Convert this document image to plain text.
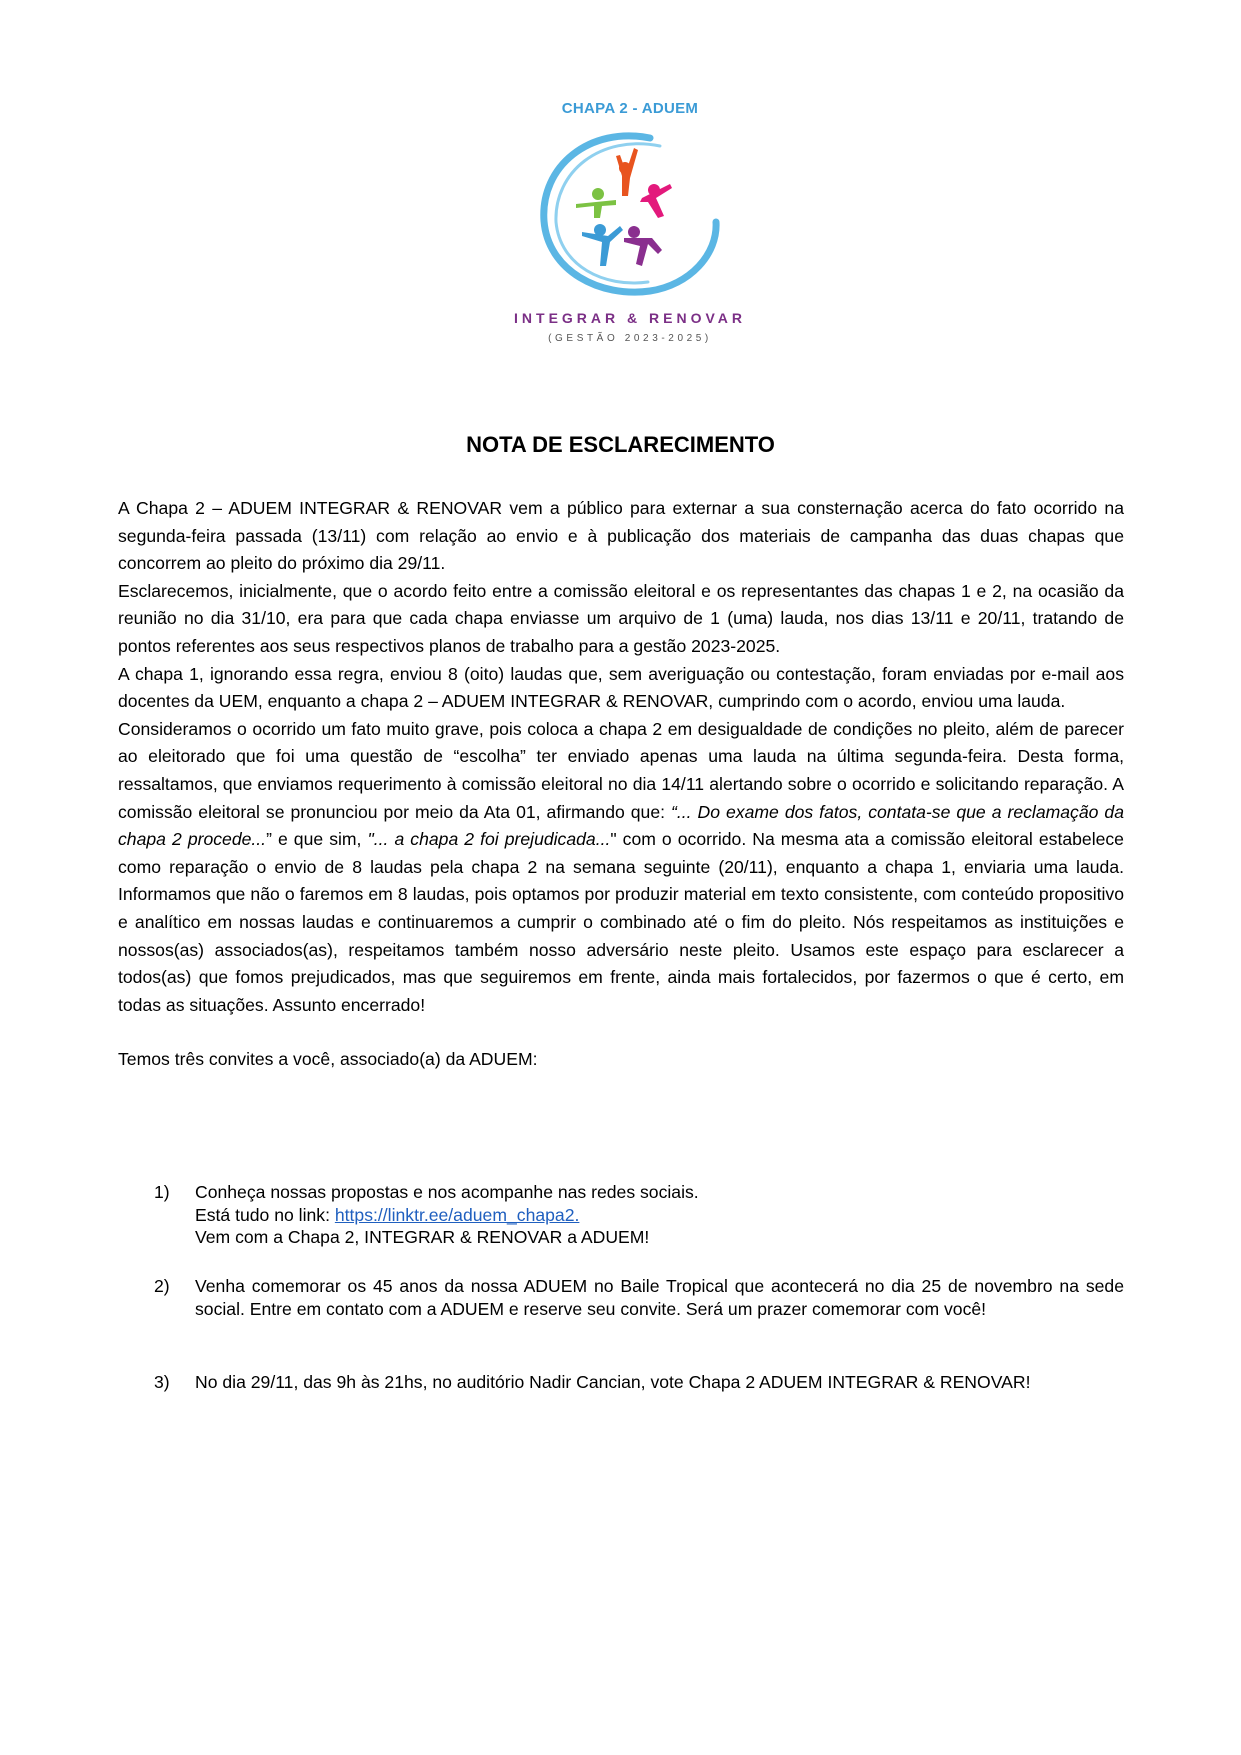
CHAPA 2 - ADUEM
INTEGRAR & RENOVAR
(GESTÃO 2023-2025)
NOTA DE ESCLARECIMENTO

A Chapa 2 – ADUEM INTEGRAR & RENOVAR vem a público para externar a sua consternação acerca do fato ocorrido na segunda-feira passada (13/11) com relação ao envio e à publicação dos materiais de campanha das duas chapas que concorrem ao pleito do próximo dia 29/11.

Esclarecemos, inicialmente, que o acordo feito entre a comissão eleitoral e os representantes das chapas 1 e 2, na ocasião da reunião no dia 31/10, era para que cada chapa enviasse um arquivo de 1 (uma) lauda, nos dias 13/11 e 20/11, tratando de pontos referentes aos seus respectivos planos de trabalho para a gestão 2023-2025.

A chapa 1, ignorando essa regra, enviou 8 (oito) laudas que, sem averiguação ou contestação, foram enviadas por e-mail aos docentes da UEM, enquanto a chapa 2 – ADUEM INTEGRAR & RENOVAR, cumprindo com o acordo, enviou uma lauda.

Consideramos o ocorrido um fato muito grave, pois coloca a chapa 2 em desigualdade de condições no pleito, além de parecer ao eleitorado que foi uma questão de “escolha” ter enviado apenas uma lauda na última segunda-feira. Desta forma, ressaltamos, que enviamos requerimento à comissão eleitoral no dia 14/11 alertando sobre o ocorrido e solicitando reparação. A comissão eleitoral se pronunciou por meio da Ata 01, afirmando que: “... Do exame dos fatos, contata-se que a reclamação da chapa 2 procede...” e que sim, "... a chapa 2 foi prejudicada..." com o ocorrido. Na mesma ata a comissão eleitoral estabelece como reparação o envio de 8 laudas pela chapa 2 na semana seguinte (20/11), enquanto a chapa 1, enviaria uma lauda. Informamos que não o faremos em 8 laudas, pois optamos por produzir material em texto consistente, com conteúdo propositivo e analítico em nossas laudas e continuaremos a cumprir o combinado até o fim do pleito. Nós respeitamos as instituições e nossos(as) associados(as), respeitamos também nosso adversário neste pleito. Usamos este espaço para esclarecer a todos(as) que fomos prejudicados, mas que seguiremos em frente, ainda mais fortalecidos, por fazermos o que é certo, em todas as situações. Assunto encerrado!

Temos três convites a você, associado(a) da ADUEM:

1) Conheça nossas propostas e nos acompanhe nas redes sociais.
Está tudo no link: https://linktr.ee/aduem_chapa2.
Vem com a Chapa 2, INTEGRAR & RENOVAR a ADUEM!
2) Venha comemorar os 45 anos da nossa ADUEM no Baile Tropical que acontecerá no dia 25 de novembro na sede social. Entre em contato com a ADUEM e reserve seu convite. Será um prazer comemorar com você!
3) No dia 29/11, das 9h às 21hs, no auditório Nadir Cancian, vote Chapa 2 ADUEM INTEGRAR & RENOVAR!
